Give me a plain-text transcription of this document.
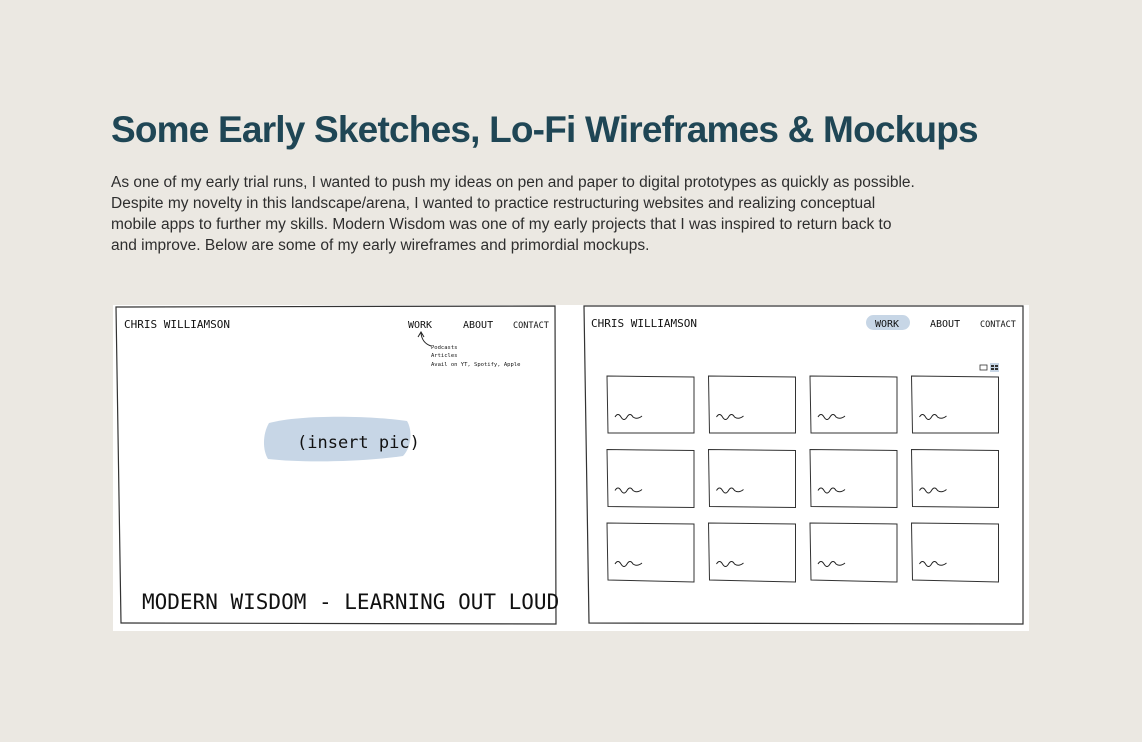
Some Early Sketches, Lo-Fi Wireframes & Mockups

As one of my early trial runs, I wanted to push my ideas on pen and paper to digital prototypes as quickly as possible. Despite my novelty in this landscape/arena, I wanted to practice restructuring websites and realizing conceptual mobile apps to further my skills. Modern Wisdom was one of my early projects that I was inspired to return back to and improve. Below are some of my early wireframes and primordial mockups.

CHRIS WILLIAMSON	WORK	ABOUT CONTACT
Podcasts
Articles
Avail on YT, Spotify, Apple
(insert pic)
MODERN WISDOM - LEARNING OUT LOUD
CHRIS WILLIAMSON	WORK	ABOUT CONTACT
